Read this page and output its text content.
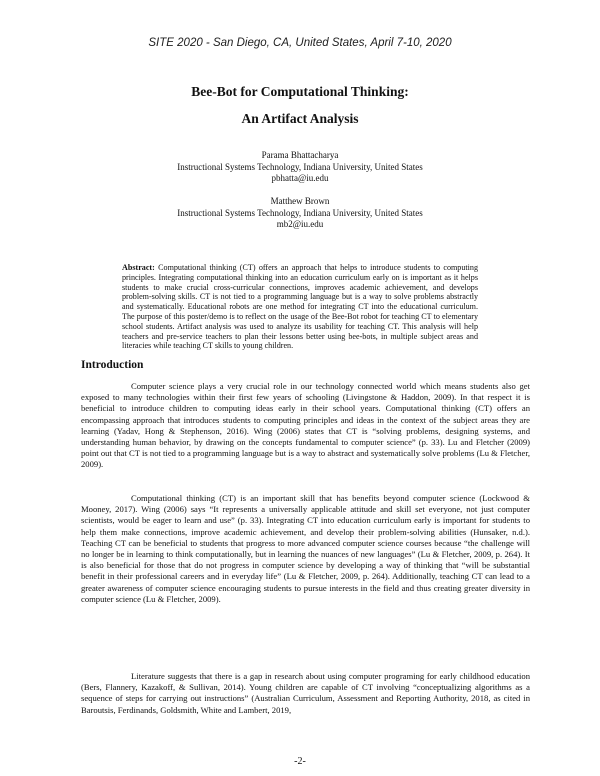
SITE 2020 - San Diego, CA, United States, April 7-10, 2020
Bee-Bot for Computational Thinking:
An Artifact Analysis
Parama Bhattacharya
Instructional Systems Technology, Indiana University, United States
pbhatta@iu.edu
Matthew Brown
Instructional Systems Technology, Indiana University, United States
mb2@iu.edu
Abstract: Computational thinking (CT) offers an approach that helps to introduce students to computing principles. Integrating computational thinking into an education curriculum early on is important as it helps students to make crucial cross-curricular connections, improves academic achievement, and develops problem-solving skills. CT is not tied to a programming language but is a way to solve problems abstractly and systematically. Educational robots are one method for integrating CT into the educational curriculum. The purpose of this poster/demo is to reflect on the usage of the Bee-Bot robot for teaching CT to elementary school students. Artifact analysis was used to analyze its usability for teaching CT. This analysis will help teachers and pre-service teachers to plan their lessons better using bee-bots, in multiple subject areas and literacies while teaching CT skills to young children.
Introduction
Computer science plays a very crucial role in our technology connected world which means students also get exposed to many technologies within their first few years of schooling (Livingstone & Haddon, 2009). In that respect it is beneficial to introduce children to computing ideas early in their school years. Computational thinking (CT) offers an encompassing approach that introduces students to computing principles and ideas in the context of the subject areas they are learning (Yadav, Hong & Stephenson, 2016). Wing (2006) states that CT is “solving problems, designing systems, and understanding human behavior, by drawing on the concepts fundamental to computer science” (p. 33). Lu and Fletcher (2009) point out that CT is not tied to a programming language but is a way to abstract and systematically solve problems (Lu & Fletcher, 2009).
Computational thinking (CT) is an important skill that has benefits beyond computer science (Lockwood & Mooney, 2017). Wing (2006) says “It represents a universally applicable attitude and skill set everyone, not just computer scientists, would be eager to learn and use” (p. 33). Integrating CT into education curriculum early is important for students to help them make connections, improve academic achievement, and develop their problem-solving abilities (Hunsaker, n.d.). Teaching CT can be beneficial to students that progress to more advanced computer science courses because “the challenge will no longer be in learning to think computationally, but in learning the nuances of new languages” (Lu & Fletcher, 2009, p. 264). It is also beneficial for those that do not progress in computer science by developing a way of thinking that “will be substantial benefit in their professional careers and in everyday life” (Lu & Fletcher, 2009, p. 264). Additionally, teaching CT can lead to a greater awareness of computer science encouraging students to pursue interests in the field and thus creating greater diversity in computer science (Lu & Fletcher, 2009).
Literature suggests that there is a gap in research about using computer programing for early childhood education (Bers, Flannery, Kazakoff, & Sullivan, 2014). Young children are capable of CT involving “conceptualizing algorithms as a sequence of steps for carrying out instructions” (Australian Curriculum, Assessment and Reporting Authority, 2018, as cited in Baroutsis, Ferdinands, Goldsmith, White and Lambert, 2019,
-2-
